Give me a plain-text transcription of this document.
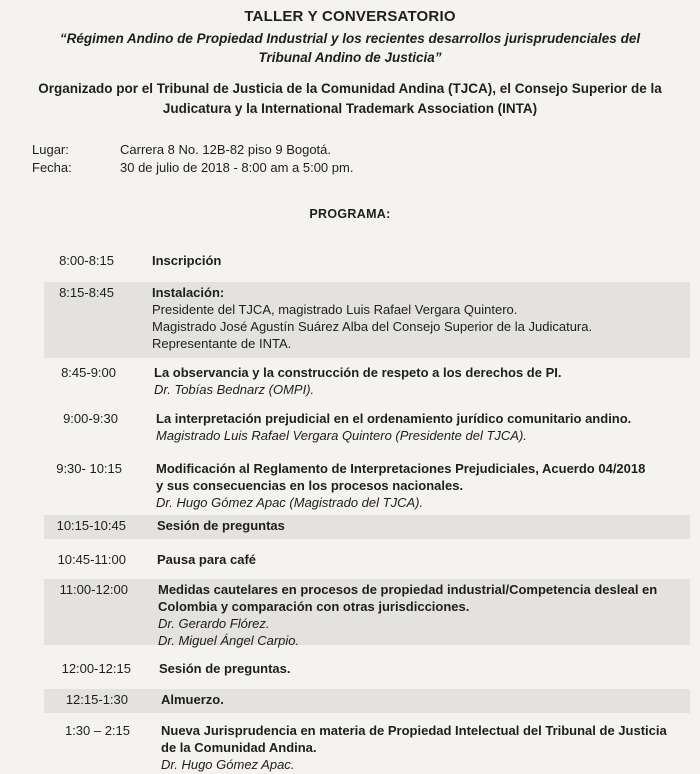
TALLER Y CONVERSATORIO
“Régimen Andino de Propiedad Industrial y los recientes desarrollos jurisprudenciales del Tribunal Andino de Justicia”
Organizado por el Tribunal de Justicia de la Comunidad Andina (TJCA), el Consejo Superior de la Judicatura y la International Trademark Association (INTA)
Lugar:	Carrera 8 No. 12B-82 piso 9 Bogotá.
Fecha:	30 de julio de 2018 - 8:00 am a 5:00 pm.
PROGRAMA:
8:00-8:15	Inscripción
8:15-8:45	Instalación:
Presidente del TJCA, magistrado Luis Rafael Vergara Quintero.
Magistrado José Agustín Suárez Alba del Consejo Superior de la Judicatura.
Representante de INTA.
8:45-9:00	La observancia y la construcción de respeto a los derechos de PI.
Dr. Tobías Bednarz (OMPI).
9:00-9:30	La interpretación prejudicial en el ordenamiento jurídico comunitario andino.
Magistrado Luis Rafael Vergara Quintero (Presidente del TJCA).
9:30- 10:15	Modificación al Reglamento de Interpretaciones Prejudiciales, Acuerdo 04/2018
y sus consecuencias en los procesos nacionales.
Dr. Hugo Gómez Apac (Magistrado del TJCA).
10:15-10:45 Sesión de preguntas
10:45-11:00 Pausa para café
11:00-12:00 Medidas cautelares en procesos de propiedad industrial/Competencia desleal en
Colombia y comparación con otras jurisdicciones.
Dr. Gerardo Flórez.
Dr. Miguel Ángel Carpio.
12:00-12:15 Sesión de preguntas.
12:15-1:30	Almuerzo.
1:30 – 2:15 Nueva Jurisprudencia en materia de Propiedad Intelectual del Tribunal de Justicia
de la Comunidad Andina.
Dr. Hugo Gómez Apac.
